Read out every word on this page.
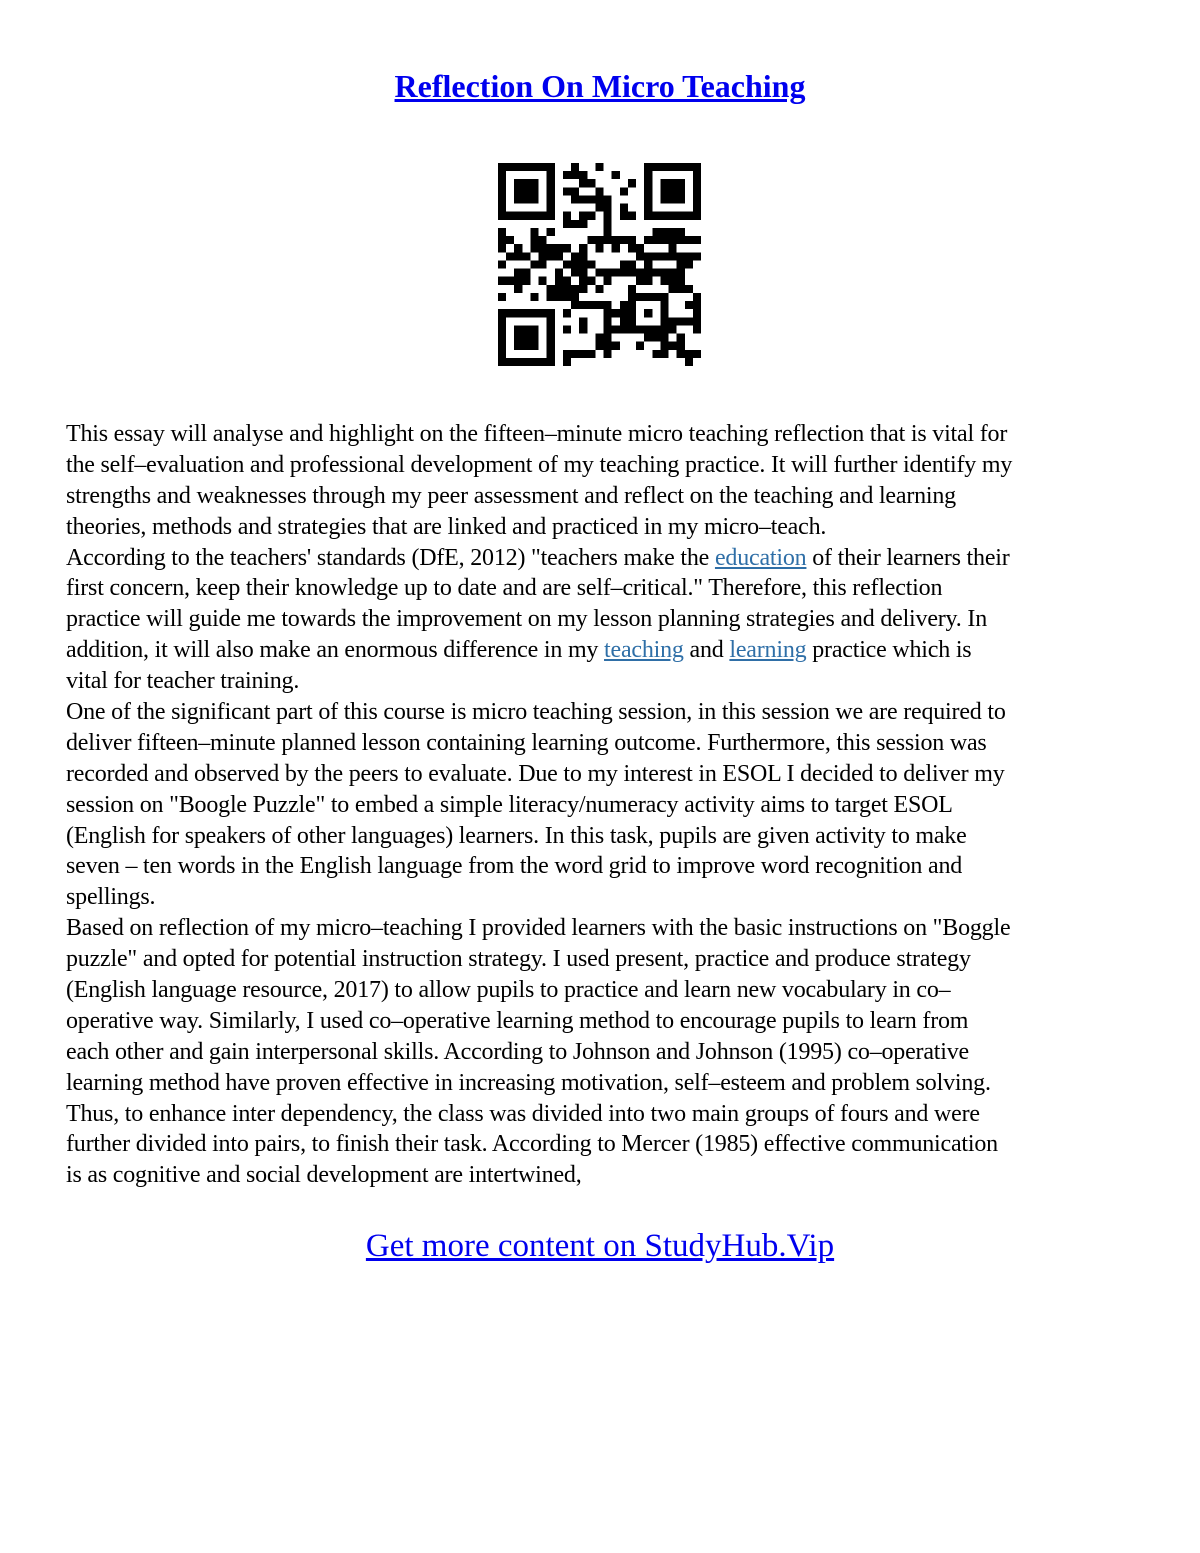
Reflection On Micro Teaching
This essay will analyse and highlight on the fifteen–minute micro teaching reflection that is vital for
the self–evaluation and professional development of my teaching practice. It will further identify my
strengths and weaknesses through my peer assessment and reflect on the teaching and learning
theories, methods and strategies that are linked and practiced in my micro–teach.
According to the teachers' standards (DfE, 2012) "teachers make the education of their learners their
first concern, keep their knowledge up to date and are self–critical." Therefore, this reflection
practice will guide me towards the improvement on my lesson planning strategies and delivery. In
addition, it will also make an enormous difference in my teaching and learning practice which is
vital for teacher training.
One of the significant part of this course is micro teaching session, in this session we are required to
deliver fifteen–minute planned lesson containing learning outcome. Furthermore, this session was
recorded and observed by the peers to evaluate. Due to my interest in ESOL I decided to deliver my
session on "Boogle Puzzle" to embed a simple literacy/numeracy activity aims to target ESOL
(English for speakers of other languages) learners. In this task, pupils are given activity to make
seven – ten words in the English language from the word grid to improve word recognition and
spellings.
Based on reflection of my micro–teaching I provided learners with the basic instructions on "Boggle
puzzle" and opted for potential instruction strategy. I used present, practice and produce strategy
(English language resource, 2017) to allow pupils to practice and learn new vocabulary in co–
operative way. Similarly, I used co–operative learning method to encourage pupils to learn from
each other and gain interpersonal skills. According to Johnson and Johnson (1995) co–operative
learning method have proven effective in increasing motivation, self–esteem and problem solving.
Thus, to enhance inter dependency, the class was divided into two main groups of fours and were
further divided into pairs, to finish their task. According to Mercer (1985) effective communication
is as cognitive and social development are intertwined,
Get more content on StudyHub.Vip
